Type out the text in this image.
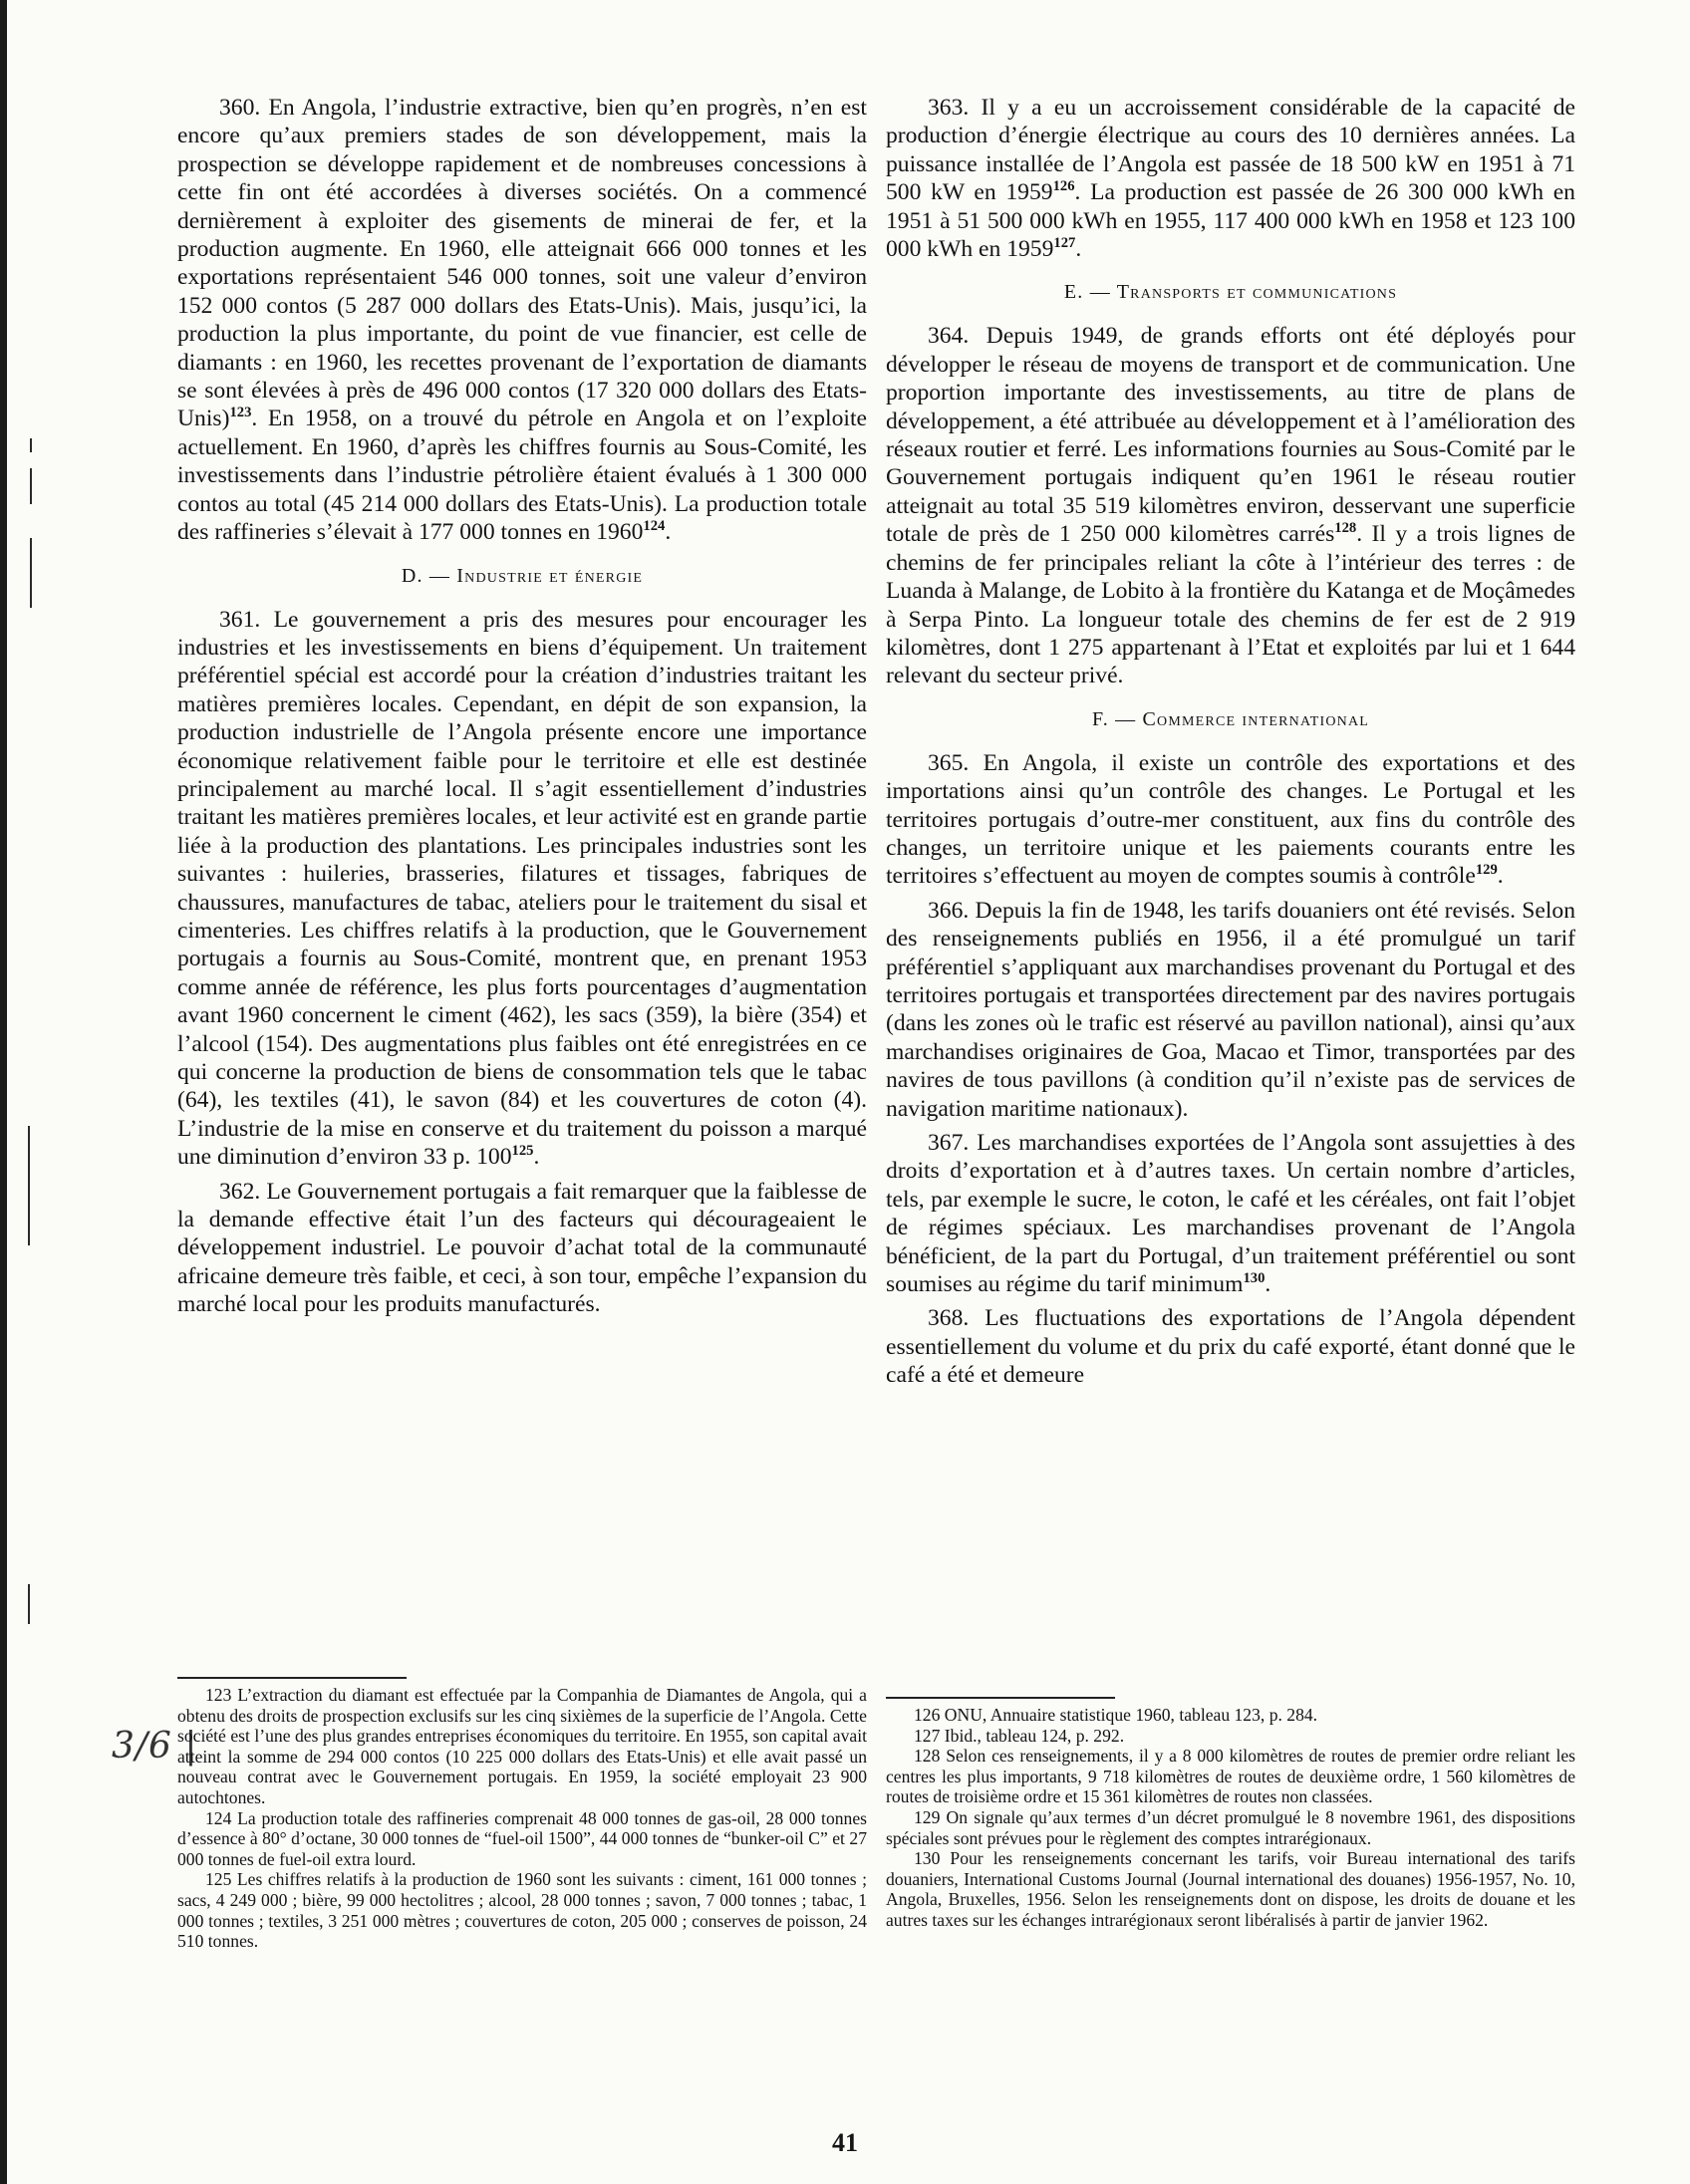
3/6 |

360. En Angola, l’industrie extractive, bien qu’en progrès, n’en est encore qu’aux premiers stades de son développement, mais la prospection se développe rapidement et de nombreuses concessions à cette fin ont été accordées à diverses sociétés. On a commencé dernièrement à exploiter des gisements de minerai de fer, et la production augmente. En 1960, elle atteignait 666 000 tonnes et les exportations représentaient 546 000 tonnes, soit une valeur d’environ 152 000 contos (5 287 000 dollars des Etats-Unis). Mais, jusqu’ici, la production la plus importante, du point de vue financier, est celle de diamants : en 1960, les recettes provenant de l’exportation de diamants se sont élevées à près de 496 000 contos (17 320 000 dollars des Etats-Unis)$^{123}$. En 1958, on a trouvé du pétrole en Angola et on l’exploite actuellement. En 1960, d’après les chiffres fournis au Sous-Comité, les investissements dans l’industrie pétrolière étaient évalués à 1 300 000 contos au total (45 214 000 dollars des Etats-Unis). La production totale des raffineries s’élevait à 177 000 tonnes en 1960$^{124}$.

D. — Industrie et énergie

361. Le gouvernement a pris des mesures pour encourager les industries et les investissements en biens d’équipement. Un traitement préférentiel spécial est accordé pour la création d’industries traitant les matières premières locales. Cependant, en dépit de son expansion, la production industrielle de l’Angola présente encore une importance économique relativement faible pour le territoire et elle est destinée principalement au marché local. Il s’agit essentiellement d’industries traitant les matières premières locales, et leur activité est en grande partie liée à la production des plantations. Les principales industries sont les suivantes : huileries, brasseries, filatures et tissages, fabriques de chaussures, manufactures de tabac, ateliers pour le traitement du sisal et cimenteries. Les chiffres relatifs à la production, que le Gouvernement portugais a fournis au Sous-Comité, montrent que, en prenant 1953 comme année de référence, les plus forts pourcentages d’augmentation avant 1960 concernent le ciment (462), les sacs (359), la bière (354) et l’alcool (154). Des augmentations plus faibles ont été enregistrées en ce qui concerne la production de biens de consommation tels que le tabac (64), les textiles (41), le savon (84) et les couvertures de coton (4). L’industrie de la mise en conserve et du traitement du poisson a marqué une diminution d’environ 33 p. $100^{125}$.

362. Le Gouvernement portugais a fait remarquer que la faiblesse de la demande effective était l’un des facteurs qui décourageaient le développement industriel. Le pouvoir d’achat total de la communauté africaine demeure très faible, et ceci, à son tour, empêche l’expansion du marché local pour les produits manufacturés.

363. Il y a eu un accroissement considérable de la capacité de production d’énergie électrique au cours des 10 dernières années. La puissance installée de l’Angola est passée de 18 500 kW en 1951 à 71 500 kW en 1959$^{126}$. La production est passée de 26 300 000 kWh en 1951 à 51 500 000 kWh en 1955, 117 400 000 kWh en 1958 et 123 100 000 kWh en 1959$^{127}$.

E. — Transports et communications

364. Depuis 1949, de grands efforts ont été déployés pour développer le réseau de moyens de transport et de communication. Une proportion importante des investissements, au titre de plans de développement, a été attribuée au développement et à l’amélioration des réseaux routier et ferré. Les informations fournies au Sous-Comité par le Gouvernement portugais indiquent qu’en 1961 le réseau routier atteignait au total 35 519 kilomètres environ, desservant une superficie totale de près de 1 250 000 kilomètres carrés$^{128}$. Il y a trois lignes de chemins de fer principales reliant la côte à l’intérieur des terres : de Luanda à Malange, de Lobito à la frontière du Katanga et de Moçâmedes à Serpa Pinto. La longueur totale des chemins de fer est de 2 919 kilomètres, dont 1 275 appartenant à l’Etat et exploités par lui et 1 644 relevant du secteur privé.

F. — Commerce international

365. En Angola, il existe un contrôle des exportations et des importations ainsi qu’un contrôle des changes. Le Portugal et les territoires portugais d’outre-mer constituent, aux fins du contrôle des changes, un territoire unique et les paiements courants entre les territoires s’effectuent au moyen de comptes soumis à contrôle$^{129}$.

366. Depuis la fin de 1948, les tarifs douaniers ont été revisés. Selon des renseignements publiés en 1956, il a été promulgué un tarif préférentiel s’appliquant aux marchandises provenant du Portugal et des territoires portugais et transportées directement par des navires portugais (dans les zones où le trafic est réservé au pavillon national), ainsi qu’aux marchandises originaires de Goa, Macao et Timor, transportées par des navires de tous pavillons (à condition qu’il n’existe pas de services de navigation maritime nationaux).

367. Les marchandises exportées de l’Angola sont assujetties à des droits d’exportation et à d’autres taxes. Un certain nombre d’articles, tels, par exemple le sucre, le coton, le café et les céréales, ont fait l’objet de régimes spéciaux. Les marchandises provenant de l’Angola bénéficient, de la part du Portugal, d’un traitement préférentiel ou sont soumises au régime du tarif minimum$^{130}$.

368. Les fluctuations des exportations de l’Angola dépendent essentiellement du volume et du prix du café exporté, étant donné que le café a été et demeure

123 L’extraction du diamant est effectuée par la Companhia de Diamantes de Angola, qui a obtenu des droits de prospection exclusifs sur les cinq sixièmes de la superficie de l’Angola. Cette société est l’une des plus grandes entreprises économiques du territoire. En 1955, son capital avait atteint la somme de 294 000 contos (10 225 000 dollars des Etats-Unis) et elle avait passé un nouveau contrat avec le Gouvernement portugais. En 1959, la société employait 23 900 autochtones.

124 La production totale des raffineries comprenait 48 000 tonnes de gas-oil, 28 000 tonnes d’essence à 80° d’octane, 30 000 tonnes de “fuel-oil 1500”, 44 000 tonnes de “bunker-oil C” et 27 000 tonnes de fuel-oil extra lourd.

125 Les chiffres relatifs à la production de 1960 sont les suivants : ciment, 161 000 tonnes ; sacs, 4 249 000 ; bière, 99 000 hectolitres ; alcool, 28 000 tonnes ; savon, 7 000 tonnes ; tabac, 1 000 tonnes ; textiles, 3 251 000 mètres ; couvertures de coton, 205 000 ; conserves de poisson, 24 510 tonnes.

126 ONU, Annuaire statistique 1960, tableau 123, p. 284.

127 Ibid., tableau 124, p. 292.

128 Selon ces renseignements, il y a 8 000 kilomètres de routes de premier ordre reliant les centres les plus importants, 9 718 kilomètres de routes de deuxième ordre, 1 560 kilomètres de routes de troisième ordre et 15 361 kilomètres de routes non classées.

129 On signale qu’aux termes d’un décret promulgué le 8 novembre 1961, des dispositions spéciales sont prévues pour le règlement des comptes intrarégionaux.

130 Pour les renseignements concernant les tarifs, voir Bureau international des tarifs douaniers, International Customs Journal (Journal international des douanes) 1956-1957, No. 10, Angola, Bruxelles, 1956. Selon les renseignements dont on dispose, les droits de douane et les autres taxes sur les échanges intrarégionaux seront libéralisés à partir de janvier 1962.

41
